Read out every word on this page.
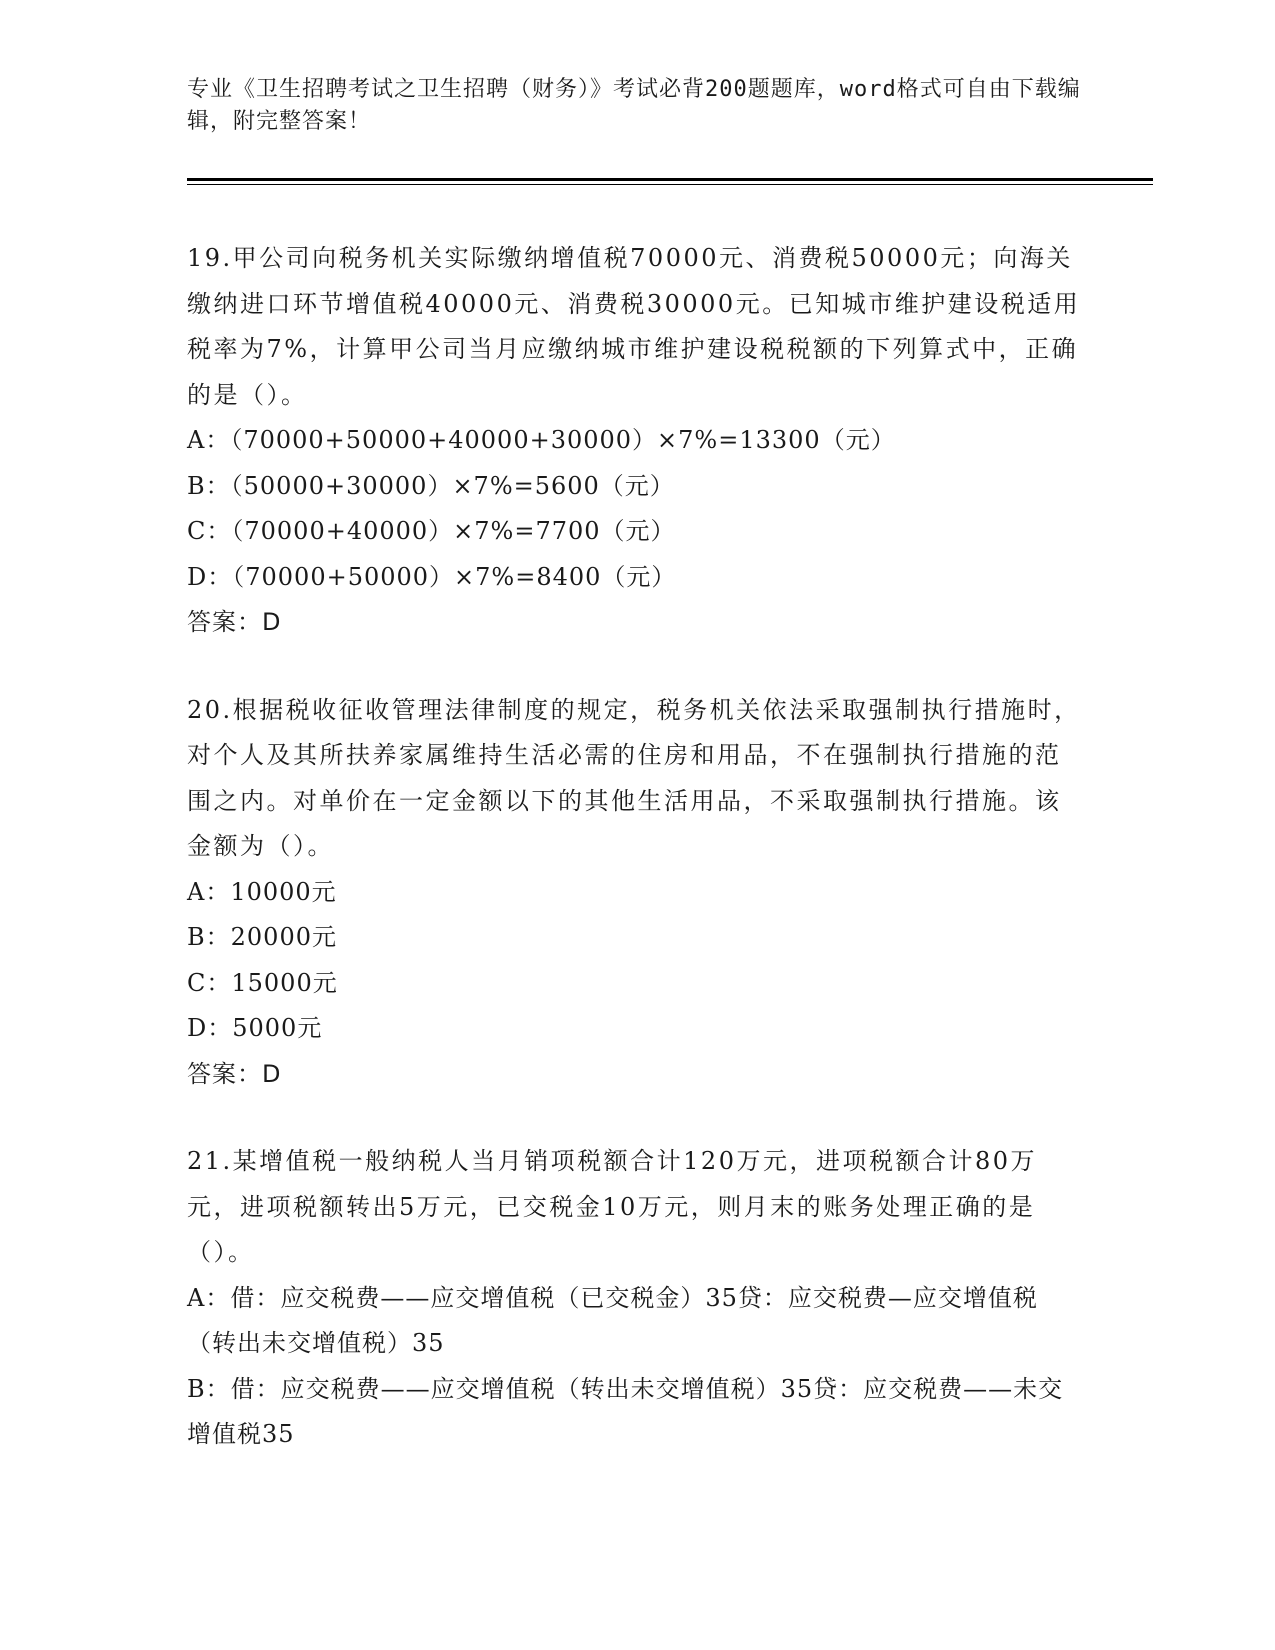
专业《卫生招聘考试之卫生招聘（财务）》考试必背200题题库，word格式可自由下载编辑，附完整答案！

19.甲公司向税务机关实际缴纳增值税70000元、消费税50000元；向海关缴纳进口环节增值税40000元、消费税30000元。已知城市维护建设税适用税率为7%，计算甲公司当月应缴纳城市维护建设税税额的下列算式中，正确的是（）。

A：（70000+50000+40000+30000）×7%=13300（元）

B：（50000+30000）×7%=5600（元）

C：（70000+40000）×7%=7700（元）

D：（70000+50000）×7%=8400（元）

答案：D

20.根据税收征收管理法律制度的规定，税务机关依法采取强制执行措施时，对个人及其所扶养家属维持生活必需的住房和用品，不在强制执行措施的范围之内。对单价在一定金额以下的其他生活用品，不采取强制执行措施。该金额为（）。

A：10000元

B：20000元

C：15000元

D：5000元

答案：D

21.某增值税一般纳税人当月销项税额合计120万元，进项税额合计80万元，进项税额转出5万元，已交税金10万元，则月末的账务处理正确的是（）。

A：借：应交税费——应交增值税（已交税金）35贷：应交税费—应交增值税（转出未交增值税）35

B：借：应交税费——应交增值税（转出未交增值税）35贷：应交税费——未交增值税35
